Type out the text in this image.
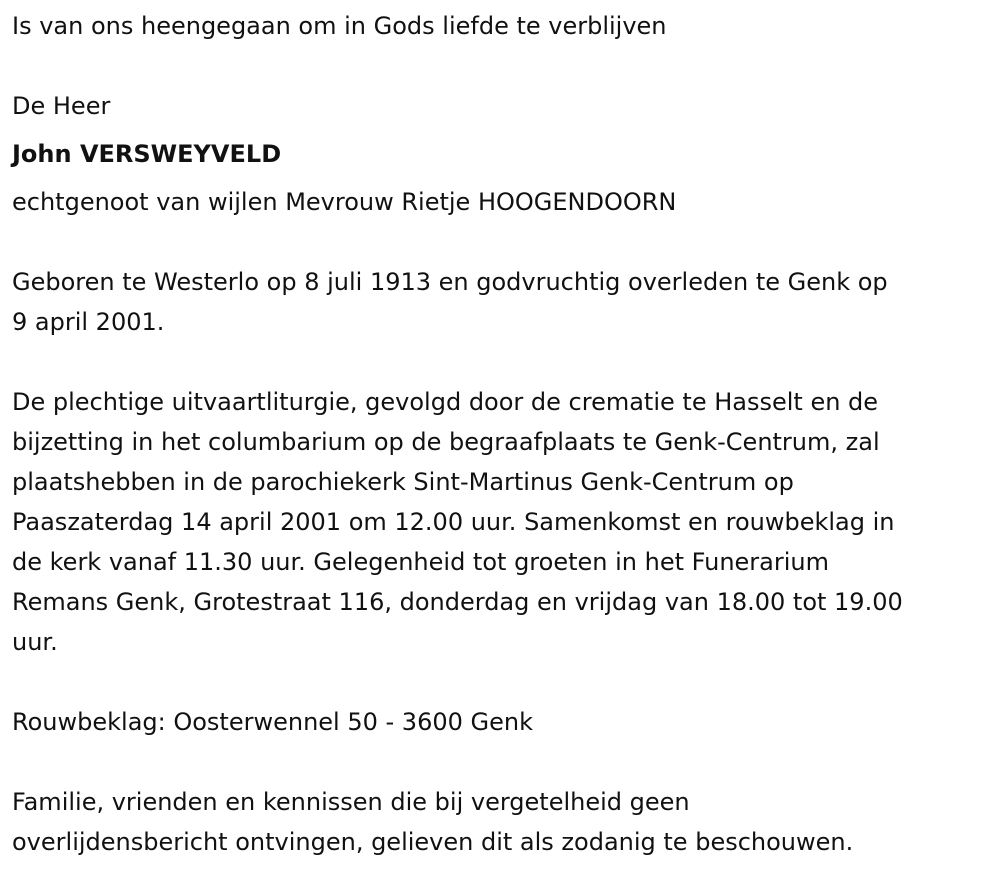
Is van ons heengegaan om in Gods liefde te verblijven

De Heer

John VERSWEYVELD

echtgenoot van wijlen Mevrouw Rietje HOOGENDOORN

Geboren te Westerlo op 8 juli 1913 en godvruchtig overleden te Genk op

9 april 2001.

De plechtige uitvaartliturgie, gevolgd door de crematie te Hasselt en de

bijzetting in het columbarium op de begraafplaats te Genk-Centrum, zal

plaatshebben in de parochiekerk Sint-Martinus Genk-Centrum op

Paaszaterdag 14 april 2001 om 12.00 uur. Samenkomst en rouwbeklag in

de kerk vanaf 11.30 uur. Gelegenheid tot groeten in het Funerarium

Remans Genk, Grotestraat 116, donderdag en vrijdag van 18.00 tot 19.00

uur.

Rouwbeklag: Oosterwennel 50 - 3600 Genk

Familie, vrienden en kennissen die bij vergetelheid geen

overlijdensbericht ontvingen, gelieven dit als zodanig te beschouwen.
